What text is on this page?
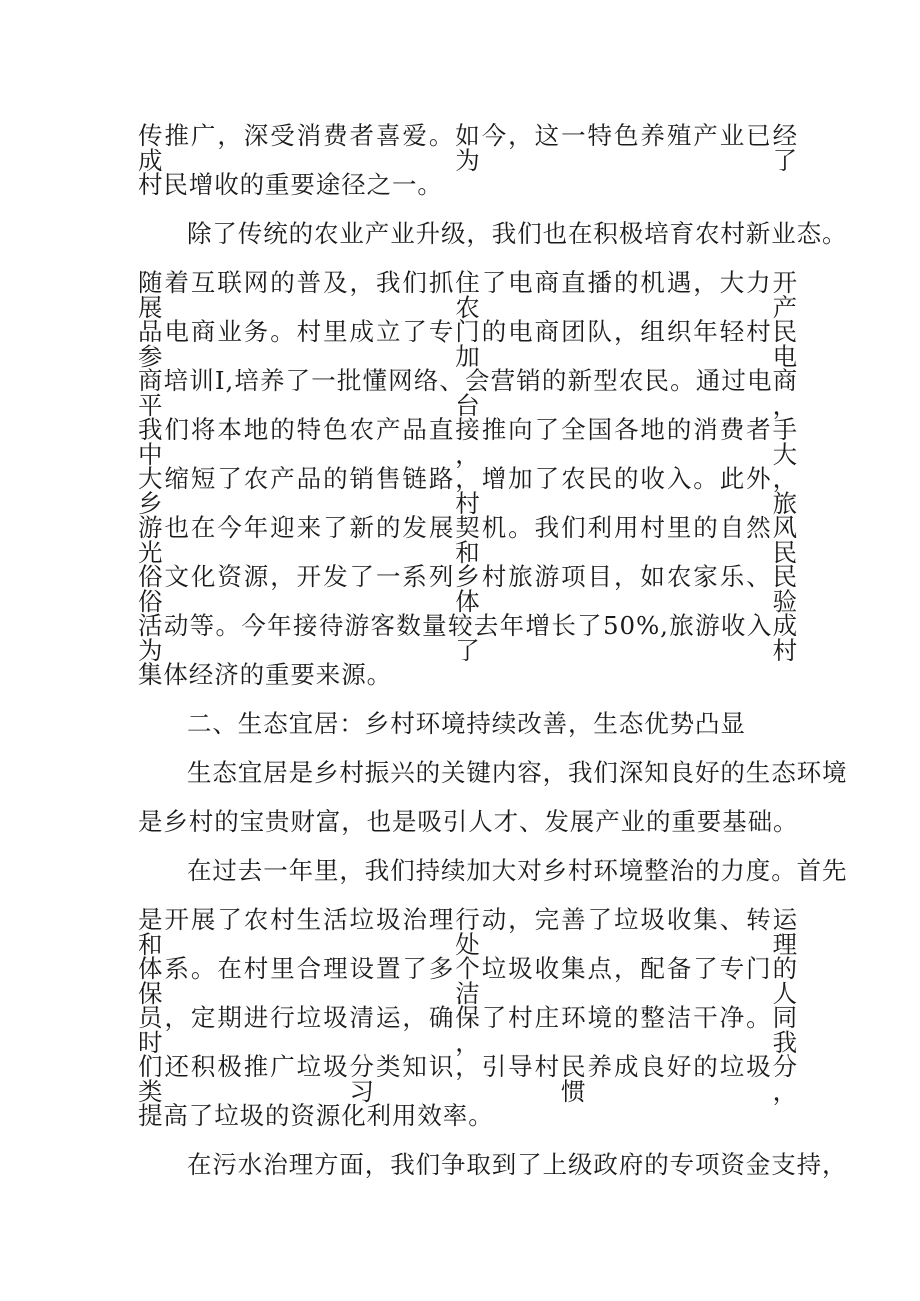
传推广，深受消费者喜爱。如今，这一特色养殖产业已经成为了
村民增收的重要途径之一。
除了传统的农业产业升级，我们也在积极培育农村新业态。
随着互联网的普及，我们抓住了电商直播的机遇，大力开展农产
品电商业务。村里成立了专门的电商团队，组织年轻村民参加电
商培训I,培养了一批懂网络、会营销的新型农民。通过电商平台，
我们将本地的特色农产品直接推向了全国各地的消费者手中，大
大缩短了农产品的销售链路，增加了农民的收入。此外，乡村旅
游也在今年迎来了新的发展契机。我们利用村里的自然风光和民
俗文化资源，开发了一系列乡村旅游项目，如农家乐、民俗体验
活动等。今年接待游客数量较去年增长了50%,旅游收入成为了村
集体经济的重要来源。
二、生态宜居：乡村环境持续改善，生态优势凸显
生态宜居是乡村振兴的关键内容，我们深知良好的生态环境
是乡村的宝贵财富，也是吸引人才、发展产业的重要基础。
在过去一年里，我们持续加大对乡村环境整治的力度。首先
是开展了农村生活垃圾治理行动，完善了垃圾收集、转运和处理
体系。在村里合理设置了多个垃圾收集点，配备了专门的保洁人
员，定期进行垃圾清运，确保了村庄环境的整洁干净。同时，我
们还积极推广垃圾分类知识，引导村民养成良好的垃圾分类习惯，
提高了垃圾的资源化利用效率。
在污水治理方面，我们争取到了上级政府的专项资金支持，
